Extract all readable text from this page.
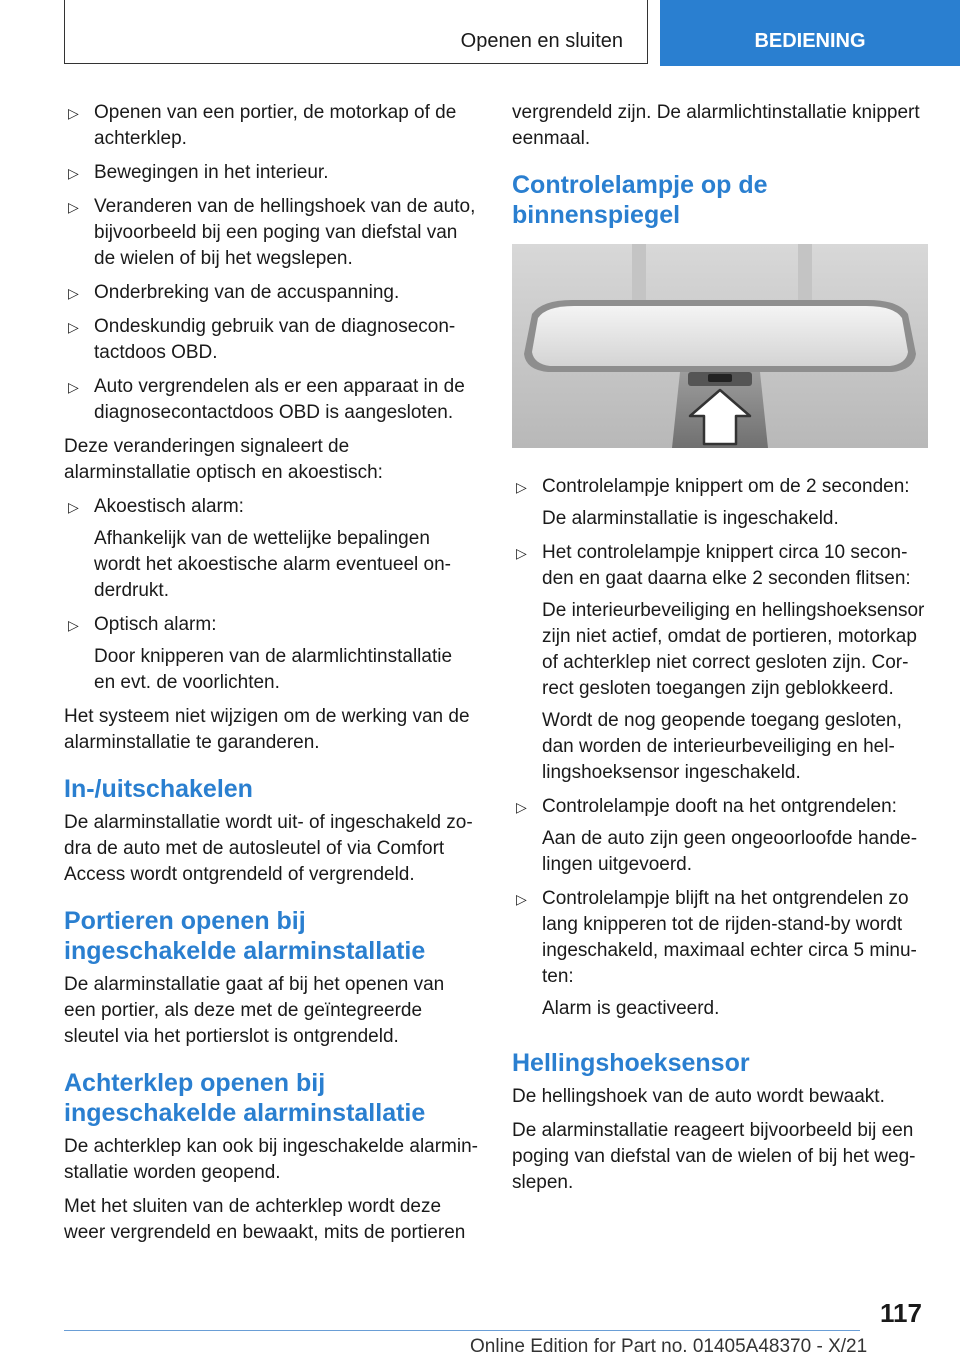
Openen en sluiten	BEDIENING
▷ Openen van een portier, de motorkap of de achterklep.
▷ Bewegingen in het interieur.
▷ Veranderen van de hellingshoek van de auto, bijvoorbeeld bij een poging van diefstal van de wielen of bij het wegslepen.
▷ Onderbreking van de accuspanning.
▷ Ondeskundig gebruik van de diagnosecon-tactdoos OBD.
▷ Auto vergrendelen als er een apparaat in de diagnosecontactdoos OBD is aangesloten.

Deze veranderingen signaleert de alarminstallatie optisch en akoestisch:

▷ Akoestisch alarm:
Afhankelijk van de wettelijke bepalingen wordt het akoestische alarm eventueel on-derdrukt.
▷ Optisch alarm:
Door knipperen van de alarmlichtinstallatie en evt. de voorlichten.

Het systeem niet wijzigen om de werking van de alarminstallatie te garanderen.

In-/uitschakelen

De alarminstallatie wordt uit- of ingeschakeld zo-dra de auto met de autosleutel of via Comfort Access wordt ontgrendeld of vergrendeld.

Portieren openen bij ingeschakelde alarminstallatie

De alarminstallatie gaat af bij het openen van een portier, als deze met de geïntegreerde sleutel via het portierslot is ontgrendeld.

Achterklep openen bij ingeschakelde alarminstallatie

De achterklep kan ook bij ingeschakelde alarmin-stallatie worden geopend.

Met het sluiten van de achterklep wordt deze weer vergrendeld en bewaakt, mits de portieren

vergrendeld zijn. De alarmlichtinstallatie knippert eenmaal.

Controlelampje op de binnenspiegel
▷ Controlelampje knippert om de 2 seconden:
De alarminstallatie is ingeschakeld.
▷ Het controlelampje knippert circa 10 secon-den en gaat daarna elke 2 seconden flitsen:
De interieurbeveiliging en hellingshoeksensor zijn niet actief, omdat de portieren, motorkap of achterklep niet correct gesloten zijn. Cor-rect gesloten toegangen zijn geblokkeerd.
Wordt de nog geopende toegang gesloten, dan worden de interieurbeveiliging en hel-lingshoeksensor ingeschakeld.
▷ Controlelampje dooft na het ontgrendelen:
Aan de auto zijn geen ongeoorloofde hande-lingen uitgevoerd.
▷ Controlelampje blijft na het ontgrendelen zo lang knipperen tot de rijden-stand-by wordt ingeschakeld, maximaal echter circa 5 minu-ten:
Alarm is geactiveerd.
Hellingshoeksensor

De hellingshoek van de auto wordt bewaakt.

De alarminstallatie reageert bijvoorbeeld bij een poging van diefstal van de wielen of bij het weg-slepen.

117
Online Edition for Part no. 01405A48370 - X/21
